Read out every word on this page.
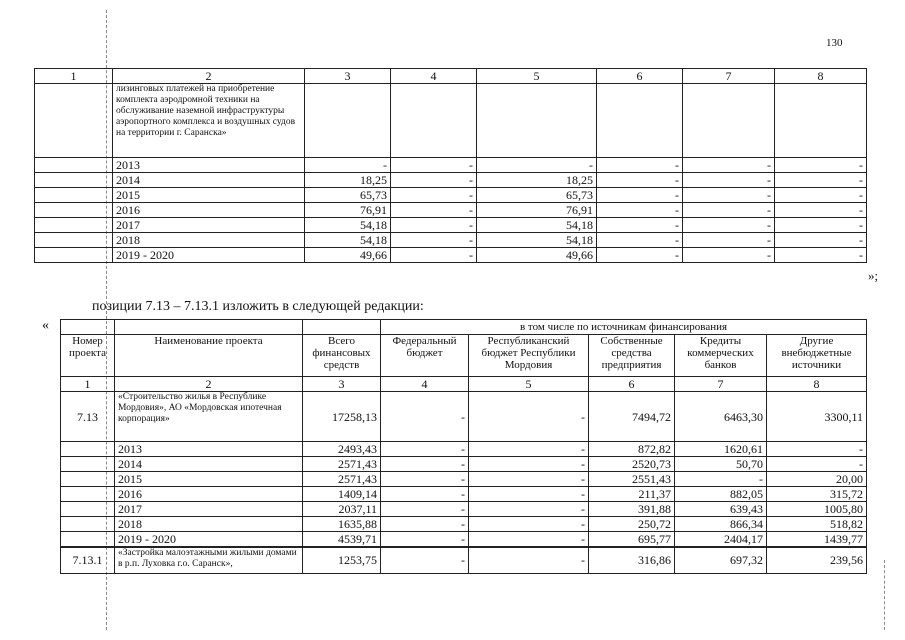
130
1	2	3	4	5	6	7	8
	лизинговых платежей на приобретение комплекта аэродромной техники на обслуживание наземной инфраструктуры аэропортного комплекса и воздушных судов на территории г. Саранска»						
	2013	-	-	-	-	-	-
	2014	18,25	-	18,25	-	-	-
	2015	65,73	-	65,73	-	-	-
	2016	76,91	-	76,91	-	-	-
	2017	54,18	-	54,18	-	-	-
	2018	54,18	-	54,18	-	-	-
	2019 - 2020	49,66	-	49,66	-	-	-
»;
позиции 7.13 – 7.13.1 изложить в следующей редакции:
«
				в том числе по источникам финансирования				

Номер проекта	Наименование проекта	Всего финансовых средств	Федеральный бюджет	Республиканский бюджет Республики Мордовия	Собственные средства предприятия	Кредиты коммерческих банков	Другие внебюджетные источники
1	2	3	4	5	6	7	8
7.13	«Строительство жилья в Республике Мордовия», АО «Мордовская ипотечная корпорация»	17258,13	-	-	7494,72	6463,30	3300,11
	2013	2493,43	-	-	872,82	1620,61	-
	2014	2571,43	-	-	2520,73	50,70	-
	2015	2571,43	-	-	2551,43	-	20,00
	2016	1409,14	-	-	211,37	882,05	315,72
	2017	2037,11	-	-	391,88	639,43	1005,80
	2018	1635,88	-	-	250,72	866,34	518,82
	2019 - 2020	4539,71	-	-	695,77	2404,17	1439,77
7.13.1	«Застройка малоэтажными жилыми домами в р.п. Луховка г.о. Саранск»,	1253,75	-	-	316,86	697,32	239,56
